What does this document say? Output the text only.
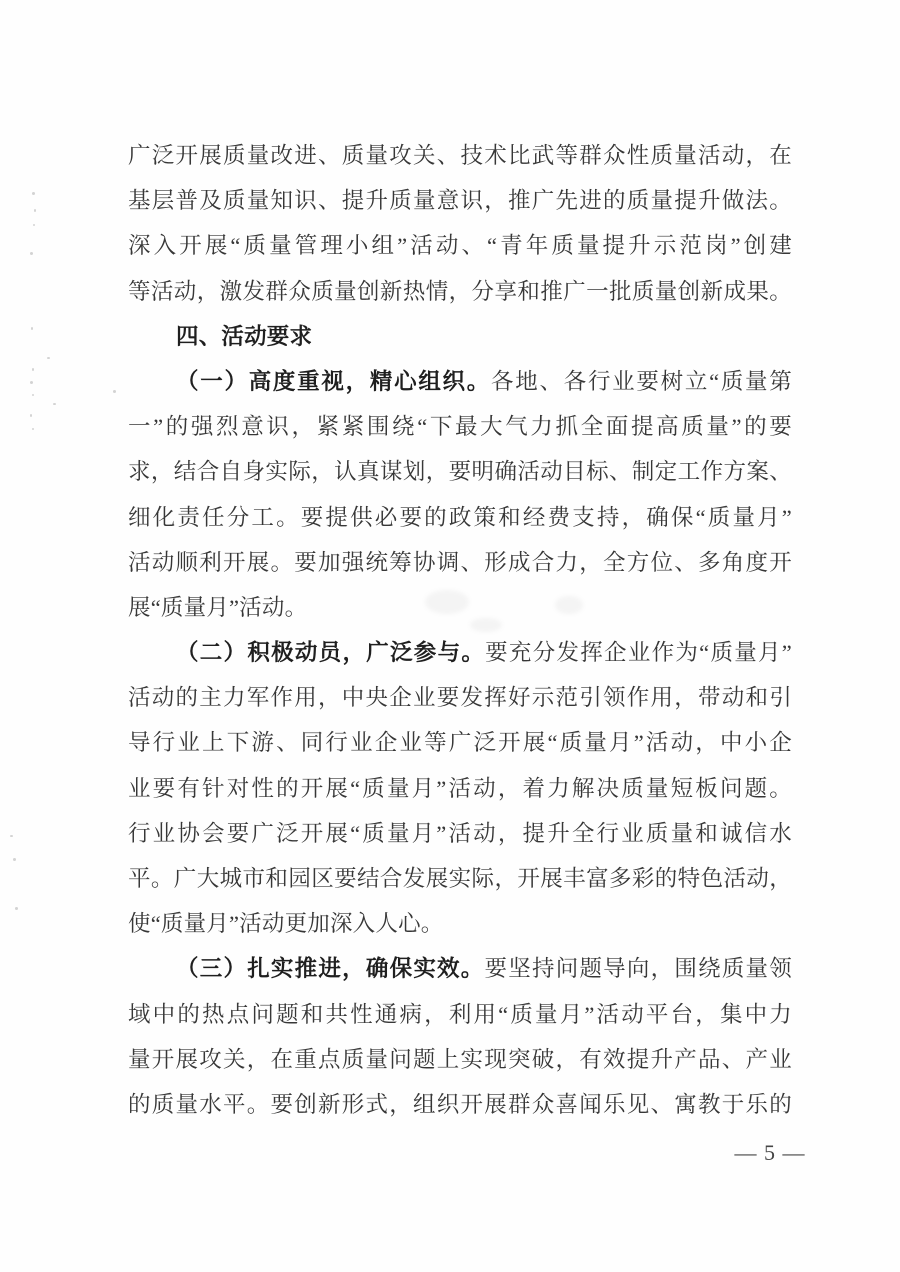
广泛开展质量改进、质量攻关、技术比武等群众性质量活动，在
基层普及质量知识、提升质量意识，推广先进的质量提升做法。
深入开展“质量管理小组”活动、“青年质量提升示范岗”创建
等活动，激发群众质量创新热情，分享和推广一批质量创新成果。
四、活动要求
（一）高度重视，精心组织。各地、各行业要树立“质量第
一”的强烈意识，紧紧围绕“下最大气力抓全面提高质量”的要
求，结合自身实际，认真谋划，要明确活动目标、制定工作方案、
细化责任分工。要提供必要的政策和经费支持，确保“质量月”
活动顺利开展。要加强统筹协调、形成合力，全方位、多角度开
展“质量月”活动。
（二）积极动员，广泛参与。要充分发挥企业作为“质量月”
活动的主力军作用，中央企业要发挥好示范引领作用，带动和引
导行业上下游、同行业企业等广泛开展“质量月”活动，中小企
业要有针对性的开展“质量月”活动，着力解决质量短板问题。
行业协会要广泛开展“质量月”活动，提升全行业质量和诚信水
平。广大城市和园区要结合发展实际，开展丰富多彩的特色活动，
使“质量月”活动更加深入人心。
（三）扎实推进，确保实效。要坚持问题导向，围绕质量领
域中的热点问题和共性通病，利用“质量月”活动平台，集中力
量开展攻关，在重点质量问题上实现突破，有效提升产品、产业
的质量水平。要创新形式，组织开展群众喜闻乐见、寓教于乐的
— 5 —
